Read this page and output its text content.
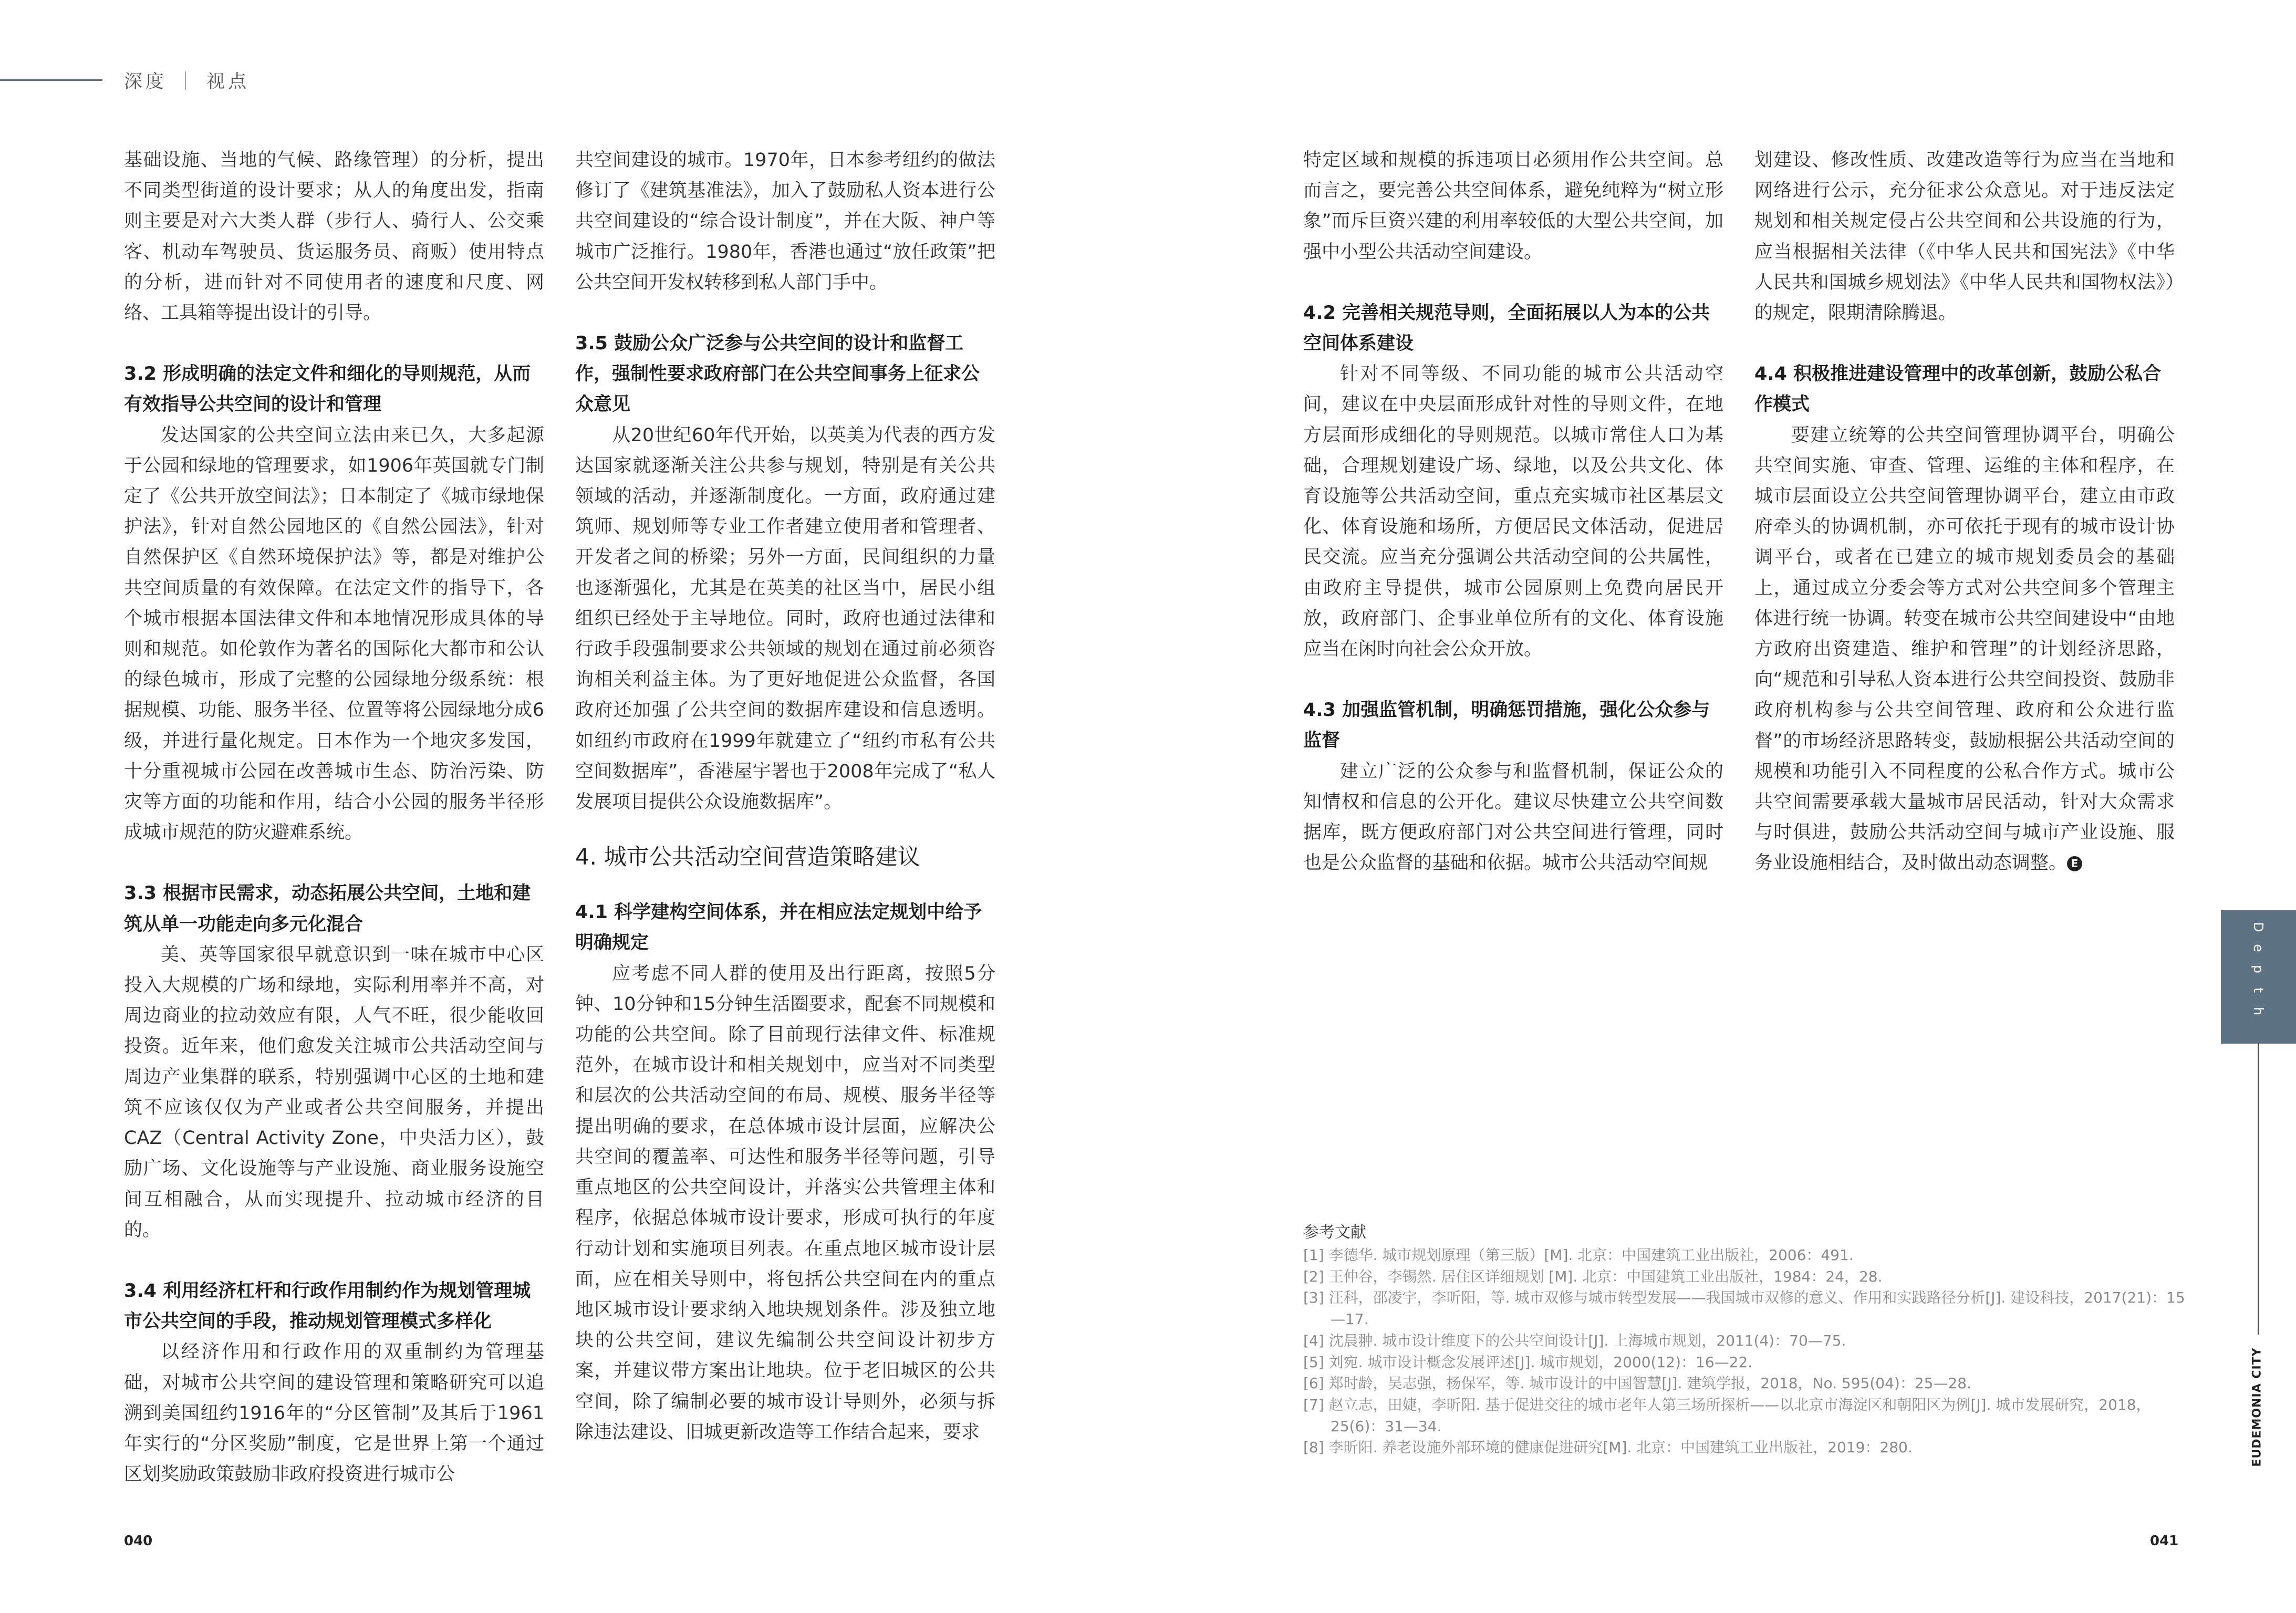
深度 ｜ 视点

基础设施、当地的气候、路缘管理）的分析，提出不同类型街道的设计要求；从人的角度出发，指南则主要是对六大类人群（步行人、骑行人、公交乘客、机动车驾驶员、货运服务员、商贩）使用特点的分析，进而针对不同使用者的速度和尺度、网络、工具箱等提出设计的引导。

3.2 形成明确的法定文件和细化的导则规范，从而有效指导公共空间的设计和管理

发达国家的公共空间立法由来已久，大多起源于公园和绿地的管理要求，如1906年英国就专门制定了《公共开放空间法》；日本制定了《城市绿地保护法》，针对自然公园地区的《自然公园法》，针对自然保护区《自然环境保护法》等，都是对维护公共空间质量的有效保障。在法定文件的指导下，各个城市根据本国法律文件和本地情况形成具体的导则和规范。如伦敦作为著名的国际化大都市和公认的绿色城市，形成了完整的公园绿地分级系统：根据规模、功能、服务半径、位置等将公园绿地分成6级，并进行量化规定。日本作为一个地灾多发国，十分重视城市公园在改善城市生态、防治污染、防灾等方面的功能和作用，结合小公园的服务半径形成城市规范的防灾避难系统。

3.3 根据市民需求，动态拓展公共空间，土地和建筑从单一功能走向多元化混合

美、英等国家很早就意识到一味在城市中心区投入大规模的广场和绿地，实际利用率并不高，对周边商业的拉动效应有限，人气不旺，很少能收回投资。近年来，他们愈发关注城市公共活动空间与周边产业集群的联系，特别强调中心区的土地和建筑不应该仅仅为产业或者公共空间服务，并提出CAZ（Central Activity Zone，中央活力区），鼓励广场、文化设施等与产业设施、商业服务设施空间互相融合，从而实现提升、拉动城市经济的目的。

3.4 利用经济杠杆和行政作用制约作为规划管理城市公共空间的手段，推动规划管理模式多样化

以经济作用和行政作用的双重制约为管理基础，对城市公共空间的建设管理和策略研究可以追溯到美国纽约1916年的“分区管制”及其后于1961年实行的“分区奖励”制度，它是世界上第一个通过区划奖励政策鼓励非政府投资进行城市公

共空间建设的城市。1970年，日本参考纽约的做法修订了《建筑基准法》，加入了鼓励私人资本进行公共空间建设的“综合设计制度”，并在大阪、神户等城市广泛推行。1980年，香港也通过“放任政策”把公共空间开发权转移到私人部门手中。

3.5 鼓励公众广泛参与公共空间的设计和监督工作，强制性要求政府部门在公共空间事务上征求公众意见

从20世纪60年代开始，以英美为代表的西方发达国家就逐渐关注公共参与规划，特别是有关公共领域的活动，并逐渐制度化。一方面，政府通过建筑师、规划师等专业工作者建立使用者和管理者、开发者之间的桥梁；另外一方面，民间组织的力量也逐渐强化，尤其是在英美的社区当中，居民小组组织已经处于主导地位。同时，政府也通过法律和行政手段强制要求公共领域的规划在通过前必须咨询相关利益主体。为了更好地促进公众监督，各国政府还加强了公共空间的数据库建设和信息透明。如纽约市政府在1999年就建立了“纽约市私有公共空间数据库”，香港屋宇署也于2008年完成了“私人发展项目提供公众设施数据库”。

4. 城市公共活动空间营造策略建议
4.1 科学建构空间体系，并在相应法定规划中给予明确规定

应考虑不同人群的使用及出行距离，按照5分钟、10分钟和15分钟生活圈要求，配套不同规模和功能的公共空间。除了目前现行法律文件、标准规范外，在城市设计和相关规划中，应当对不同类型和层次的公共活动空间的布局、规模、服务半径等提出明确的要求，在总体城市设计层面，应解决公共空间的覆盖率、可达性和服务半径等问题，引导重点地区的公共空间设计，并落实公共管理主体和程序，依据总体城市设计要求，形成可执行的年度行动计划和实施项目列表。在重点地区城市设计层面，应在相关导则中，将包括公共空间在内的重点地区城市设计要求纳入地块规划条件。涉及独立地块的公共空间，建议先编制公共空间设计初步方案，并建议带方案出让地块。位于老旧城区的公共空间，除了编制必要的城市设计导则外，必须与拆除违法建设、旧城更新改造等工作结合起来，要求

特定区域和规模的拆违项目必须用作公共空间。总而言之，要完善公共空间体系，避免纯粹为“树立形象”而斥巨资兴建的利用率较低的大型公共空间，加强中小型公共活动空间建设。

4.2 完善相关规范导则，全面拓展以人为本的公共空间体系建设

针对不同等级、不同功能的城市公共活动空间，建议在中央层面形成针对性的导则文件，在地方层面形成细化的导则规范。以城市常住人口为基础，合理规划建设广场、绿地，以及公共文化、体育设施等公共活动空间，重点充实城市社区基层文化、体育设施和场所，方便居民文体活动，促进居民交流。应当充分强调公共活动空间的公共属性，由政府主导提供，城市公园原则上免费向居民开放，政府部门、企事业单位所有的文化、体育设施应当在闲时向社会公众开放。

4.3 加强监管机制，明确惩罚措施，强化公众参与监督

建立广泛的公众参与和监督机制，保证公众的知情权和信息的公开化。建议尽快建立公共空间数据库，既方便政府部门对公共空间进行管理，同时也是公众监督的基础和依据。城市公共活动空间规

划建设、修改性质、改建改造等行为应当在当地和网络进行公示，充分征求公众意见。对于违反法定规划和相关规定侵占公共空间和公共设施的行为，应当根据相关法律（《中华人民共和国宪法》《中华人民共和国城乡规划法》《中华人民共和国物权法》）的规定，限期清除腾退。

4.4 积极推进建设管理中的改革创新，鼓励公私合作模式

要建立统筹的公共空间管理协调平台，明确公共空间实施、审查、管理、运维的主体和程序，在城市层面设立公共空间管理协调平台，建立由市政府牵头的协调机制，亦可依托于现有的城市设计协调平台，或者在已建立的城市规划委员会的基础上，通过成立分委会等方式对公共空间多个管理主体进行统一协调。转变在城市公共空间建设中“由地方政府出资建造、维护和管理”的计划经济思路，向“规范和引导私人资本进行公共空间投资、鼓励非政府机构参与公共空间管理、政府和公众进行监督”的市场经济思路转变，鼓励根据公共活动空间的规模和功能引入不同程度的公私合作方式。城市公共空间需要承载大量城市居民活动，针对大众需求与时俱进，鼓励公共活动空间与城市产业设施、服务业设施相结合，及时做出动态调整。 E

参考文献
[1] 李德华. 城市规划原理（第三版）[M]. 北京：中国建筑工业出版社，2006：491.
[2] 王仲谷，李锡然. 居住区详细规划 [M]. 北京：中国建筑工业出版社，1984：24，28.
[3] 汪科，邵凌宇，李昕阳，等. 城市双修与城市转型发展——我国城市双修的意义、作用和实践路径分析[J]. 建设科技，2017(21)：15—17.
[4] 沈晨翀. 城市设计维度下的公共空间设计[J]. 上海城市规划，2011(4)：70—75.
[5] 刘宛. 城市设计概念发展评述[J]. 城市规划，2000(12)：16—22.
[6] 郑时龄，吴志强，杨保军，等. 城市设计的中国智慧[J]. 建筑学报，2018，No. 595(04)：25—28.
[7] 赵立志，田婕，李昕阳. 基于促进交往的城市老年人第三场所探析——以北京市海淀区和朝阳区为例[J]. 城市发展研究，2018，25(6)：31—34.
[8] 李昕阳. 养老设施外部环境的健康促进研究[M]. 北京：中国建筑工业出版社，2019：280.
040	041
D
e
p
t
h
EUDEMONIA CITY
